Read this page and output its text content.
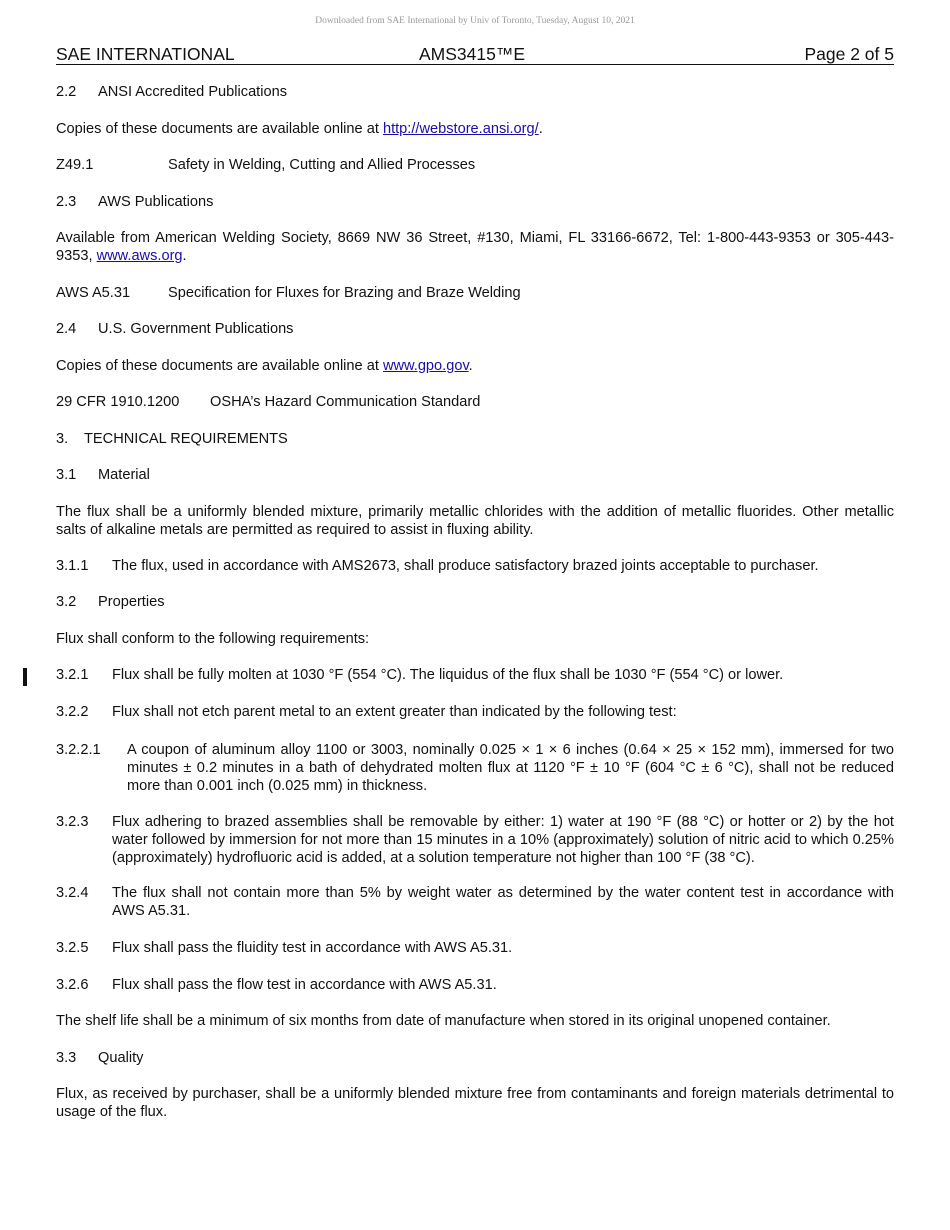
Downloaded from SAE International by Univ of Toronto, Tuesday, August 10, 2021
SAE INTERNATIONAL	AMS3415™E	Page 2 of 5
2.2 ANSI Accredited Publications
Copies of these documents are available online at http://webstore.ansi.org/.
Z49.1	Safety in Welding, Cutting and Allied Processes
2.3 AWS Publications
Available from American Welding Society, 8669 NW 36 Street, #130, Miami, FL 33166-6672, Tel: 1-800-443-9353 or 305-443-9353, www.aws.org.
AWS A5.31	Specification for Fluxes for Brazing and Braze Welding
2.4 U.S. Government Publications
Copies of these documents are available online at www.gpo.gov.
29 CFR 1910.1200 OSHA’s Hazard Communication Standard
3. TECHNICAL REQUIREMENTS
3.1 Material
The flux shall be a uniformly blended mixture, primarily metallic chlorides with the addition of metallic fluorides. Other metallic salts of alkaline metals are permitted as required to assist in fluxing ability.
3.1.1 The flux, used in accordance with AMS2673, shall produce satisfactory brazed joints acceptable to purchaser.
3.2 Properties
Flux shall conform to the following requirements:
3.2.1 Flux shall be fully molten at 1030 °F (554 °C). The liquidus of the flux shall be 1030 °F (554 °C) or lower.
3.2.2 Flux shall not etch parent metal to an extent greater than indicated by the following test:
3.2.2.1 A coupon of aluminum alloy 1100 or 3003, nominally 0.025 × 1 × 6 inches (0.64 × 25 × 152 mm), immersed for two minutes ± 0.2 minutes in a bath of dehydrated molten flux at 1120 °F ± 10 °F (604 °C ± 6 °C), shall not be reduced more than 0.001 inch (0.025 mm) in thickness.
3.2.3 Flux adhering to brazed assemblies shall be removable by either: 1) water at 190 °F (88 °C) or hotter or 2) by the hot water followed by immersion for not more than 15 minutes in a 10% (approximately) solution of nitric acid to which 0.25% (approximately) hydrofluoric acid is added, at a solution temperature not higher than 100 °F (38 °C).
3.2.4 The flux shall not contain more than 5% by weight water as determined by the water content test in accordance with AWS A5.31.
3.2.5 Flux shall pass the fluidity test in accordance with AWS A5.31.
3.2.6 Flux shall pass the flow test in accordance with AWS A5.31.
The shelf life shall be a minimum of six months from date of manufacture when stored in its original unopened container.
3.3 Quality
Flux, as received by purchaser, shall be a uniformly blended mixture free from contaminants and foreign materials detrimental to usage of the flux.
